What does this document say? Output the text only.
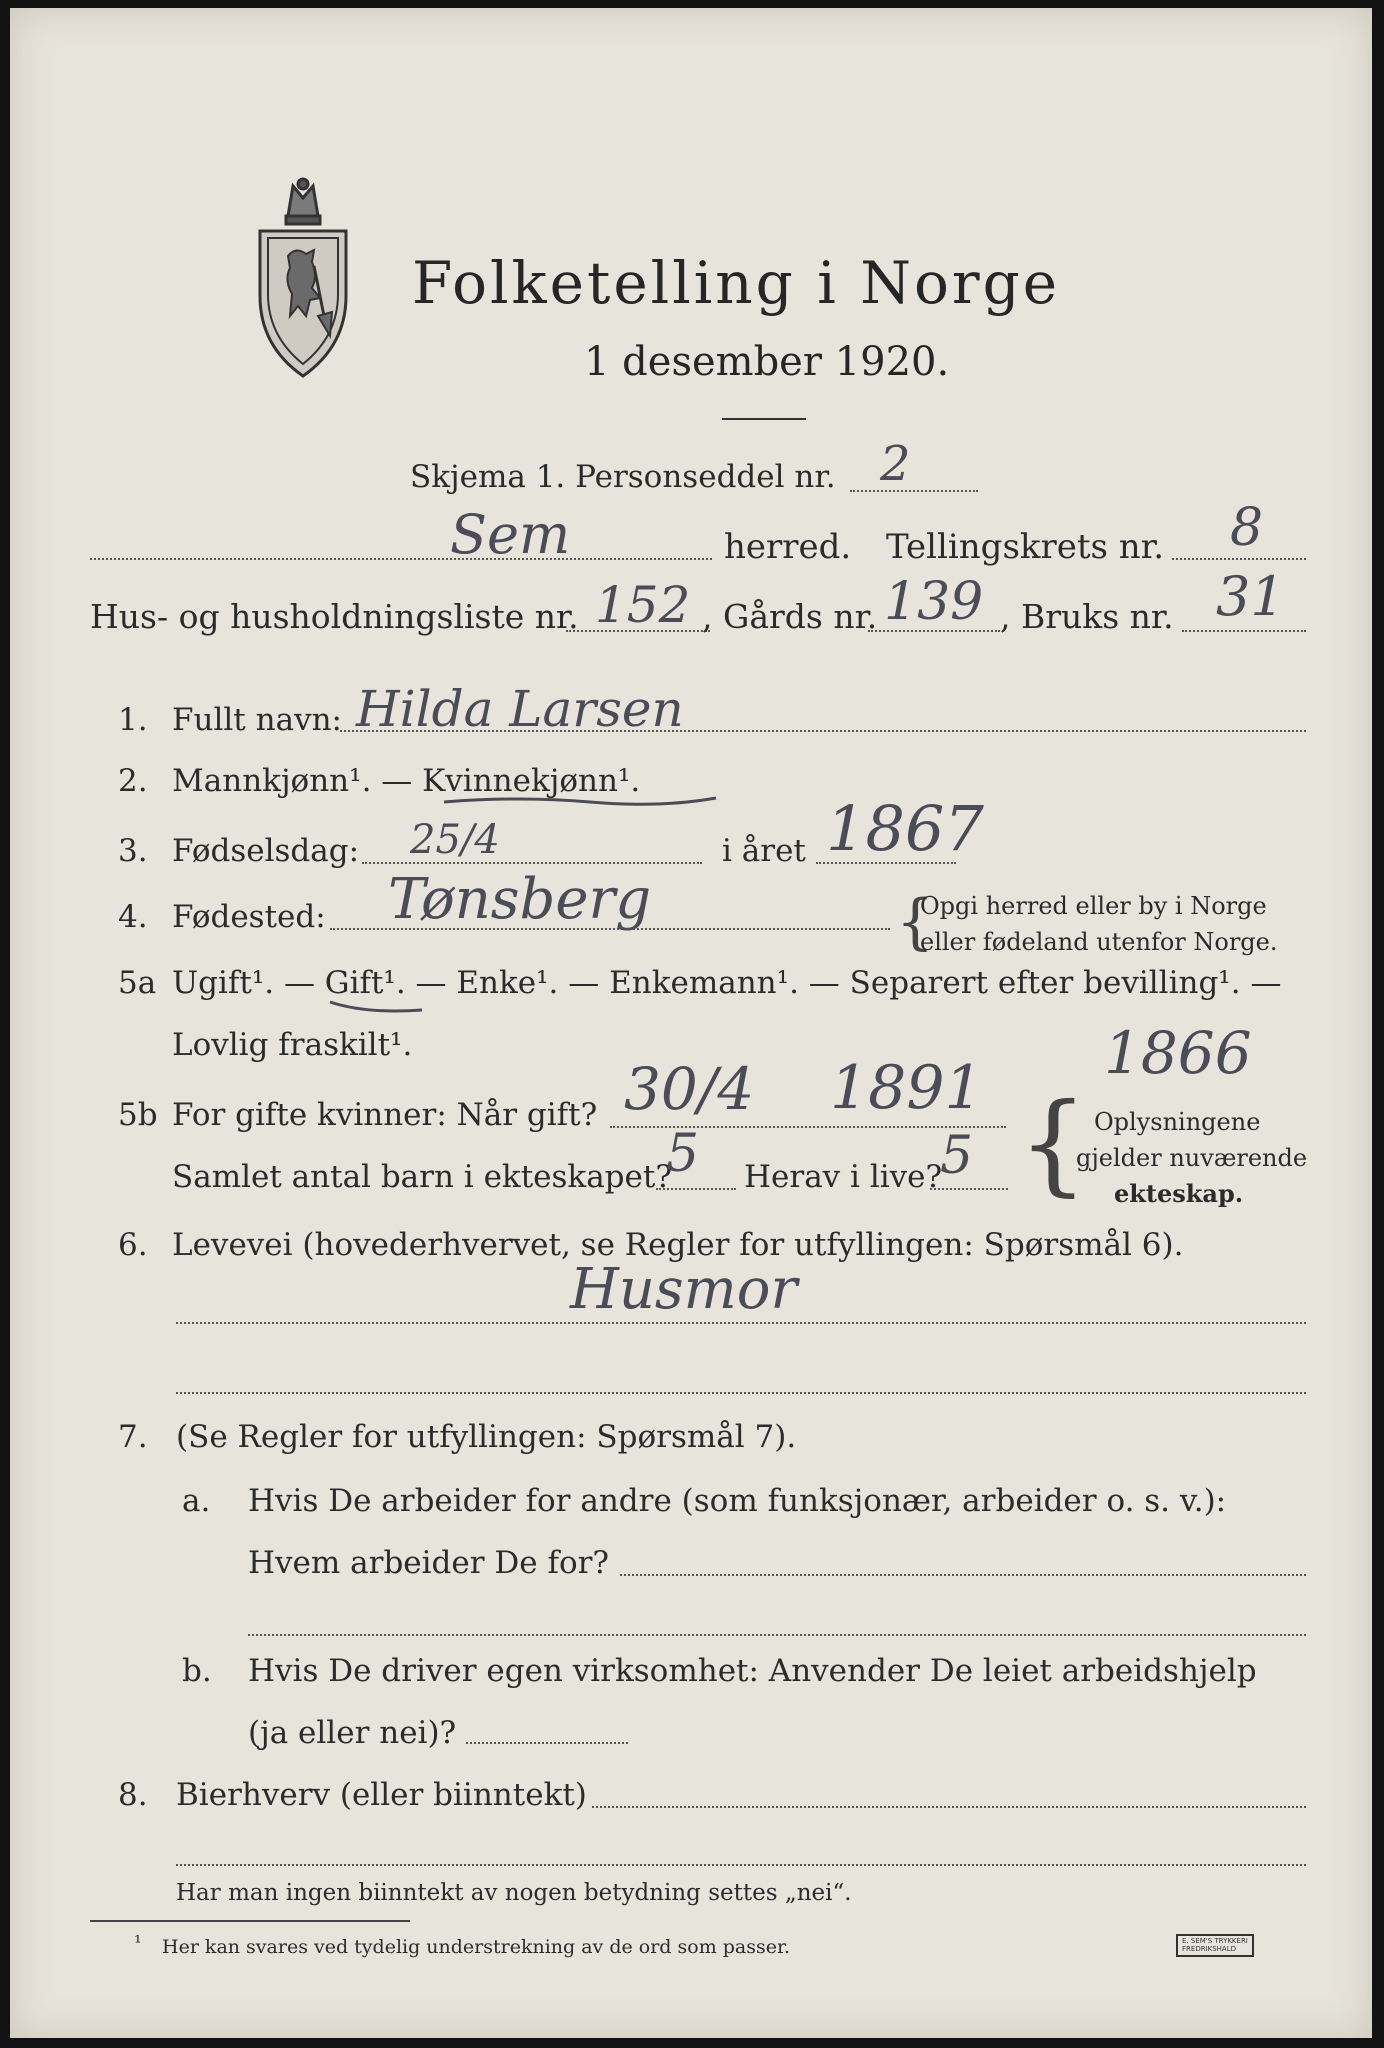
Folketelling i Norge
1 desember 1920.
Skjema 1. Personseddel nr. 2
Sem	herred. Tellingskrets nr. 8
Hus- og husholdningsliste nr. 152 , Gårds nr. 139 , Bruks nr. 31
1. Fullt navn: Hilda Larsen
2. Mannkjønn¹. — Kvinnekjønn¹.
3. Fødselsdag: 25/4	i året 1867
4. Fødested: Tønsberg	{
Opgi herred eller by i Norge
eller fødeland utenfor Norge.
5a Ugift¹. — Gift¹. — Enke¹. — Enkemann¹. — Separert efter bevilling¹. —
Lovlig fraskilt¹.
5b For gifte kvinner: Når gift? 30/4 1891 1866
Samlet antal barn i ekteskapet?
5 Herav i live?
5 { Oplysningene
gjelder nuværende
ekteskap.
6. Levevei (hovederhvervet, se Regler for utfyllingen: Spørsmål 6).
Husmor
7. (Se Regler for utfyllingen: Spørsmål 7).
a. Hvis De arbeider for andre (som funksjonær, arbeider o. s. v.):
Hvem arbeider De for?
b. Hvis De driver egen virksomhet: Anvender De leiet arbeidshjelp
(ja eller nei)?
8. Bierhverv (eller biinntekt)
Har man ingen biinntekt av nogen betydning settes „nei“.
¹ Her kan svares ved tydelig understrekning av de ord som passer.	E. SEM'S TRYKKERI
FREDRIKSHALD
